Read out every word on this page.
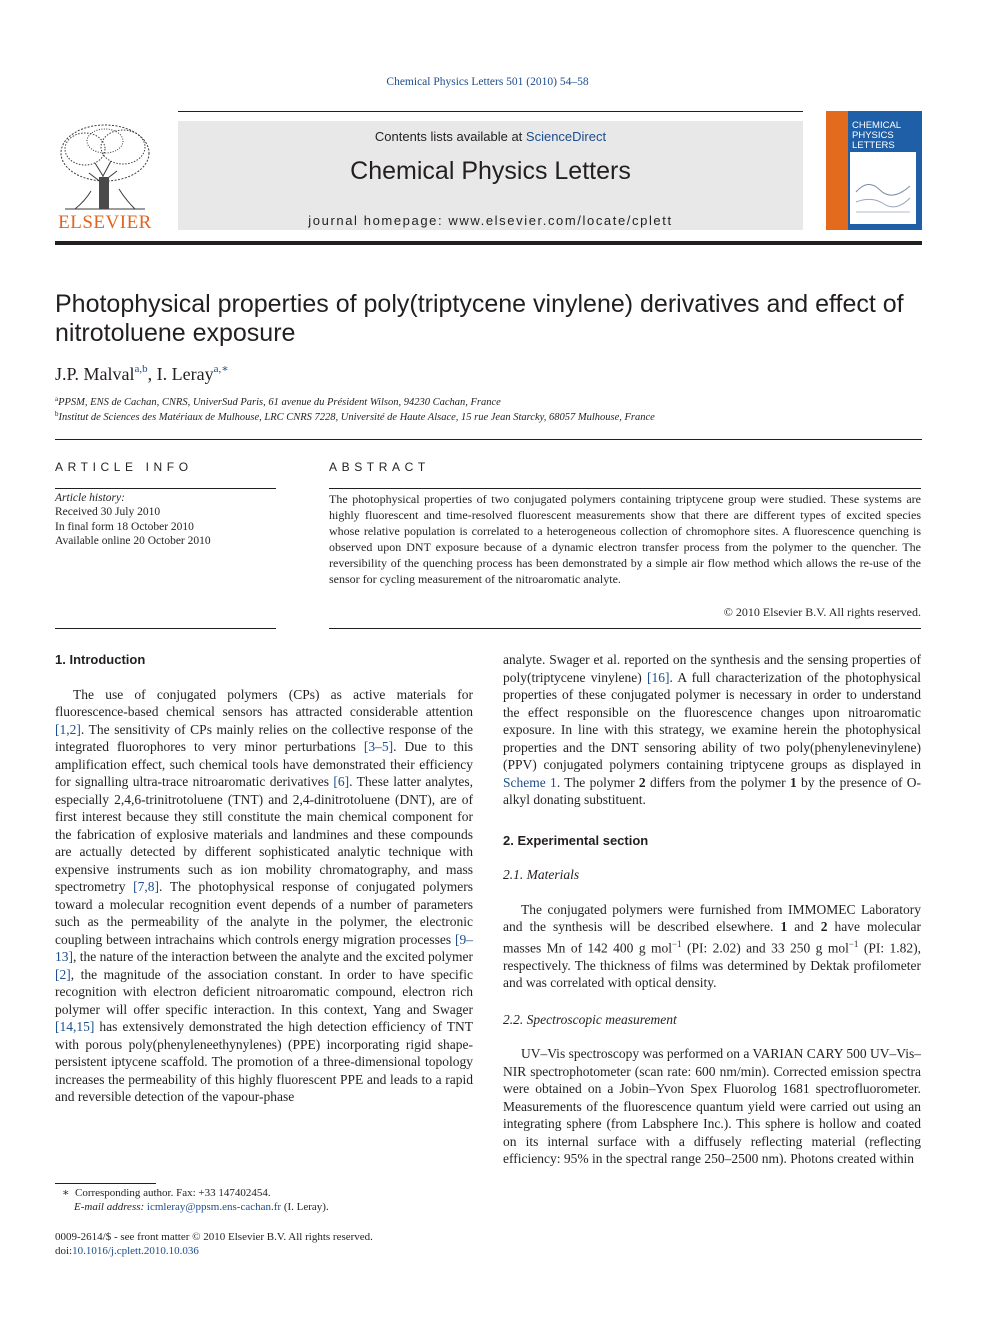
Chemical Physics Letters 501 (2010) 54–58
ELSEVIER
Contents lists available at ScienceDirect
Chemical Physics Letters
journal homepage: www.elsevier.com/locate/cplett
CHEMICAL
PHYSICS
LETTERS
Photophysical properties of poly(triptycene vinylene) derivatives and effect of nitrotoluene exposure
J.P. Malval$^{a,b}$, I. Leray$^{a,∗}$
$^a$PPSM, ENS de Cachan, CNRS, UniverSud Paris, 61 avenue du Président Wilson, 94230 Cachan, France
$^b$Institut de Sciences des Matériaux de Mulhouse, LRC CNRS 7228, Université de Haute Alsace, 15 rue Jean Starcky, 68057 Mulhouse, France
ARTICLE INFO
Article history:
Received 30 July 2010
In final form 18 October 2010
Available online 20 October 2010
ABSTRACT
The photophysical properties of two conjugated polymers containing triptycene group were studied. These systems are highly fluorescent and time-resolved fluorescent measurements show that there are different types of excited species whose relative population is correlated to a heterogeneous collection of chromophore sites. A fluorescence quenching is observed upon DNT exposure because of a dynamic electron transfer process from the polymer to the quencher. The reversibility of the quenching process has been demonstrated by a simple air flow method which allows the re-use of the sensor for cycling measurement of the nitroaromatic analyte.
© 2010 Elsevier B.V. All rights reserved.
1. Introduction

The use of conjugated polymers (CPs) as active materials for fluorescence-based chemical sensors has attracted considerable attention [1,2]. The sensitivity of CPs mainly relies on the collective response of the integrated fluorophores to very minor perturbations [3–5]. Due to this amplification effect, such chemical tools have demonstrated their efficiency for signalling ultra-trace nitroaromatic derivatives [6]. These latter analytes, especially 2,4,6-trinitrotoluene (TNT) and 2,4-dinitrotoluene (DNT), are of first interest because they still constitute the main chemical component for the fabrication of explosive materials and landmines and these compounds are actually detected by different sophisticated analytic technique with expensive instruments such as ion mobility chromatography, and mass spectrometry [7,8]. The photophysical response of conjugated polymers toward a molecular recognition event depends of a number of parameters such as the permeability of the analyte in the polymer, the electronic coupling between intrachains which controls energy migration processes [9–13], the nature of the interaction between the analyte and the excited polymer [2], the magnitude of the association constant. In order to have specific recognition with electron deficient nitroaromatic compound, electron rich polymer will offer specific interaction. In this context, Yang and Swager [14,15] has extensively demonstrated the high detection efficiency of TNT with porous poly(phenyleneethynylenes) (PPE) incorporating rigid shape-persistent iptycene scaffold. The promotion of a three-dimensional topology increases the permeability of this highly fluorescent PPE and leads to a rapid and reversible detection of the vapour-phase

analyte. Swager et al. reported on the synthesis and the sensing properties of poly(triptycene vinylene) [16]. A full characterization of the photophysical properties of these conjugated polymer is necessary in order to understand the effect responsible on the fluorescence changes upon nitroaromatic exposure. In line with this strategy, we examine herein the photophysical properties and the DNT sensoring ability of two poly(phenylenevinylene) (PPV) conjugated polymers containing triptycene groups as displayed in Scheme 1. The polymer 2 differs from the polymer 1 by the presence of O-alkyl donating substituent.

2. Experimental section
2.1. Materials

The conjugated polymers were furnished from IMMOMEC Laboratory and the synthesis will be described elsewhere. 1 and 2 have molecular masses Mn of 142 400 g mol$^{-1}$ (PI: 2.02) and 33 250 g mol$^{-1}$ (PI: 1.82), respectively. The thickness of films was determined by Dektak profilometer and was correlated with optical density.

2.2. Spectroscopic measurement

UV–Vis spectroscopy was performed on a VARIAN CARY 500 UV–Vis–NIR spectrophotometer (scan rate: 600 nm/min). Corrected emission spectra were obtained on a Jobin–Yvon Spex Fluorolog 1681 spectrofluorometer. Measurements of the fluorescence quantum yield were carried out using an integrating sphere (from Labsphere Inc.). This sphere is hollow and coated on its internal surface with a diffusely reflecting material (reflecting efficiency: 95% in the spectral range 250–2500 nm). Photons created within

∗ Corresponding author. Fax: +33 147402454.
E-mail address: icmleray@ppsm.ens-cachan.fr (I. Leray).
0009-2614/$ - see front matter © 2010 Elsevier B.V. All rights reserved.
doi:10.1016/j.cplett.2010.10.036
